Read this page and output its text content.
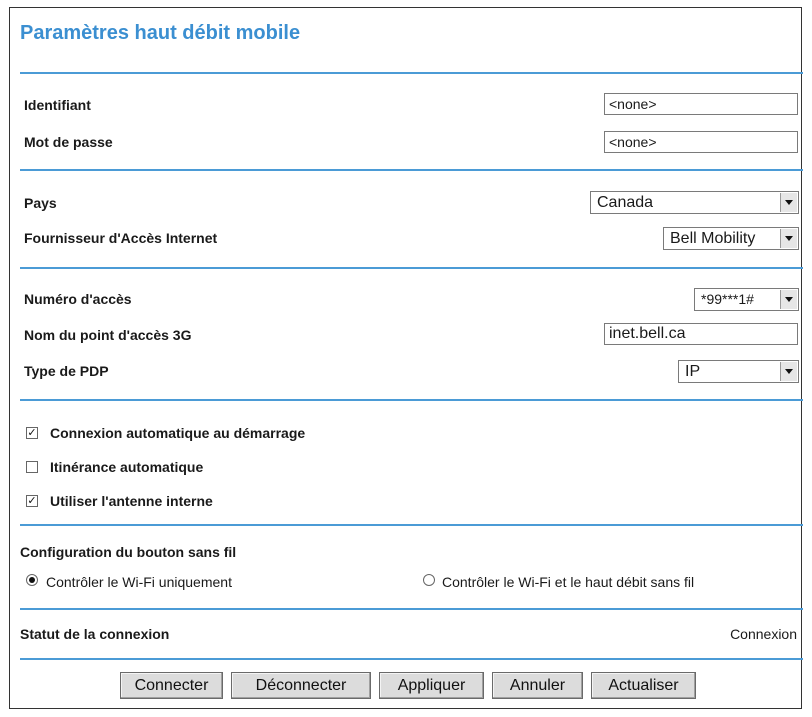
Paramètres haut débit mobile
Identifiant	<none>
Mot de passe	<none>
Pays	Canada
Fournisseur d'Accès Internet	Bell Mobility
Numéro d'accès	*99***1#
Nom du point d'accès 3G	inet.bell.ca
Type de PDP	IP
✓ Connexion automatique au démarrage
Itinérance automatique
✓ Utiliser l'antenne interne
Configuration du bouton sans fil
Contrôler le Wi-Fi uniquement	Contrôler le Wi-Fi et le haut débit sans fil
Statut de la connexion	Connexion
Connecter	Déconnecter	Appliquer	Annuler	Actualiser
